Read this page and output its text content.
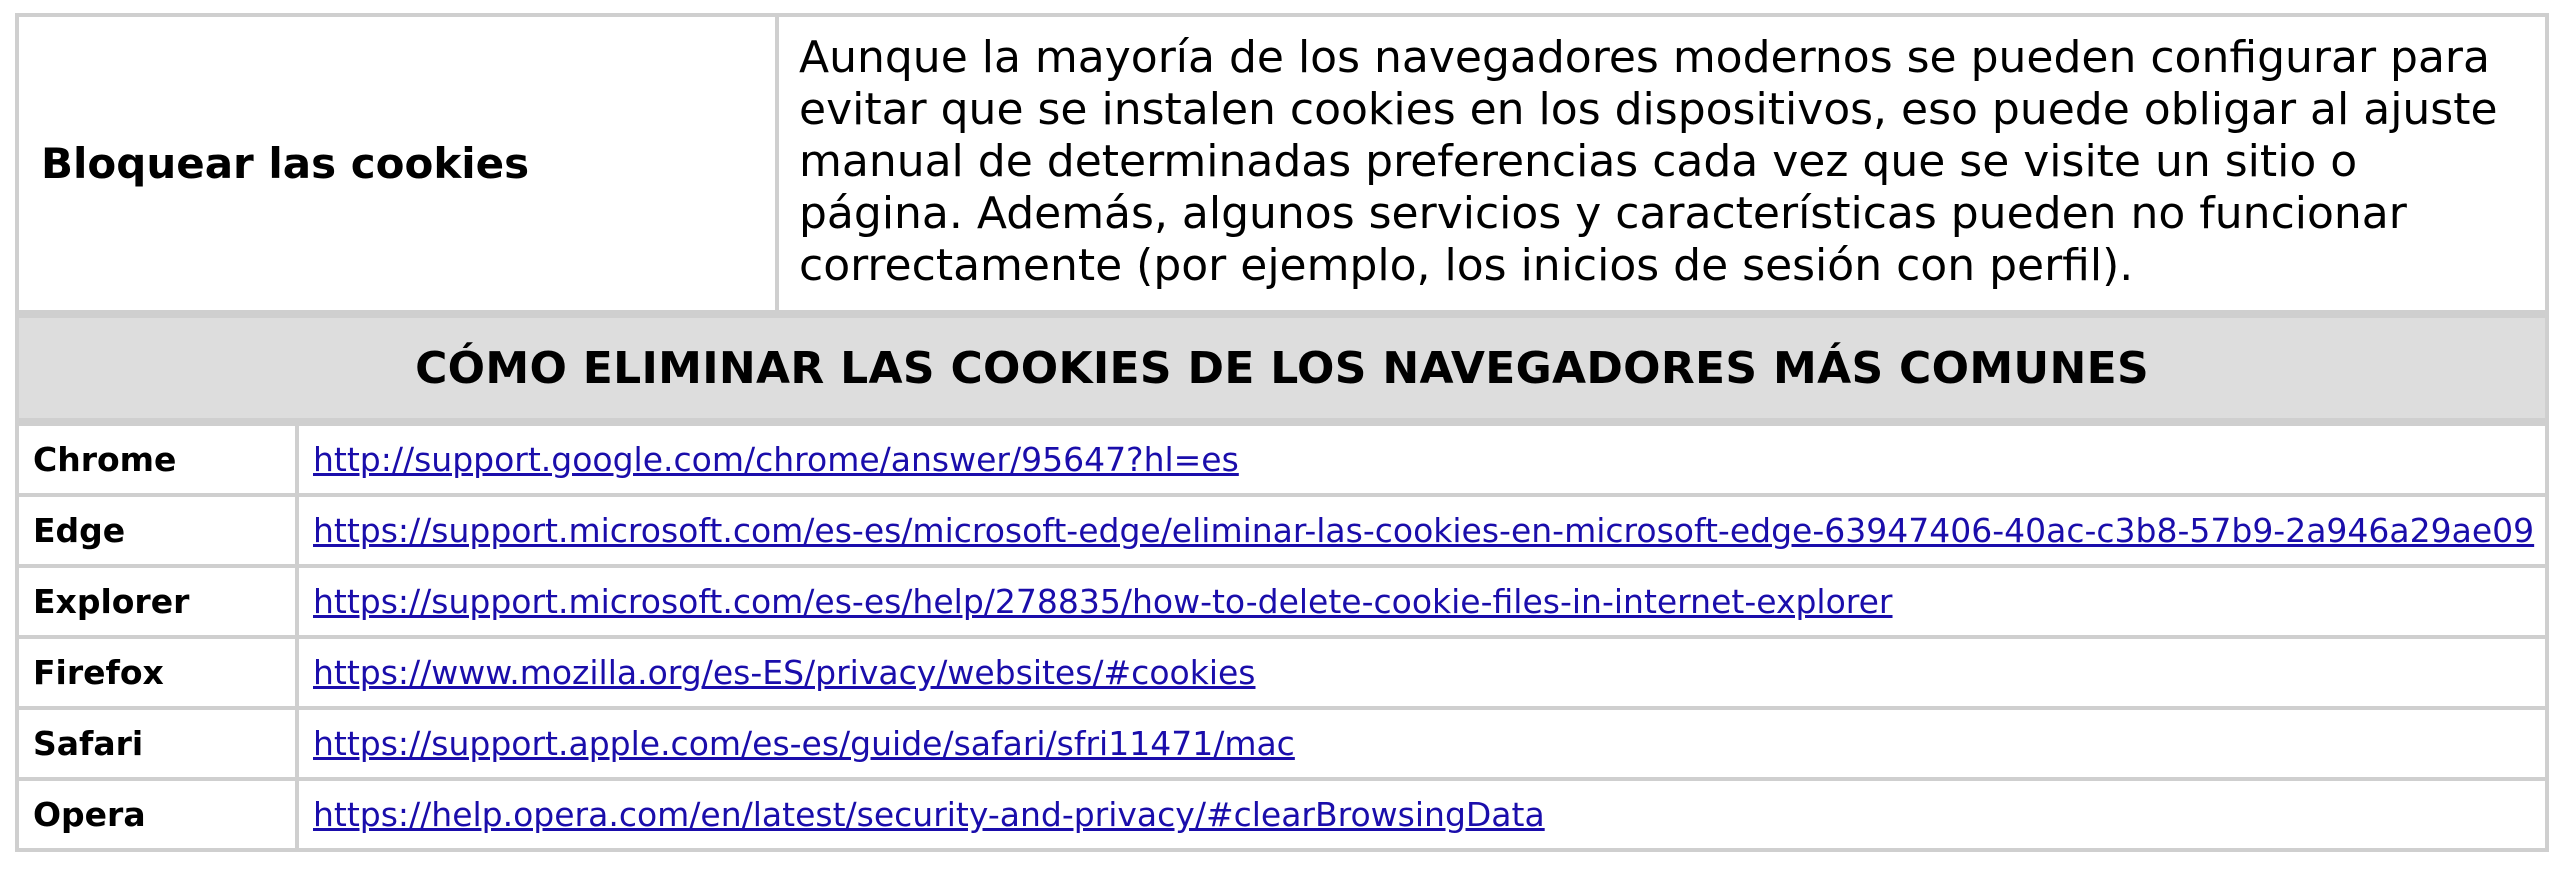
Bloquear las cookies	Aunque la mayoría de los navegadores modernos se pueden configurar para evitar que se instalen cookies en los dispositivos, eso puede obligar al ajuste manual de determinadas preferencias cada vez que se visite un sitio o página. Además, algunos servicios y características pueden no funcionar correctamente (por ejemplo, los inicios de sesión con perfil).
CÓMO ELIMINAR LAS COOKIES DE LOS NAVEGADORES MÁS COMUNES
Chrome	http://support.google.com/chrome/answer/95647?hl=es
Edge	https://support.microsoft.com/es-es/microsoft-edge/eliminar-las-cookies-en-microsoft-edge-63947406-40ac-c3b8-57b9-2a946a29ae09
Explorer	https://support.microsoft.com/es-es/help/278835/how-to-delete-cookie-files-in-internet-explorer
Firefox	https://www.mozilla.org/es-ES/privacy/websites/#cookies
Safari	https://support.apple.com/es-es/guide/safari/sfri11471/mac
Opera	https://help.opera.com/en/latest/security-and-privacy/#clearBrowsingData
